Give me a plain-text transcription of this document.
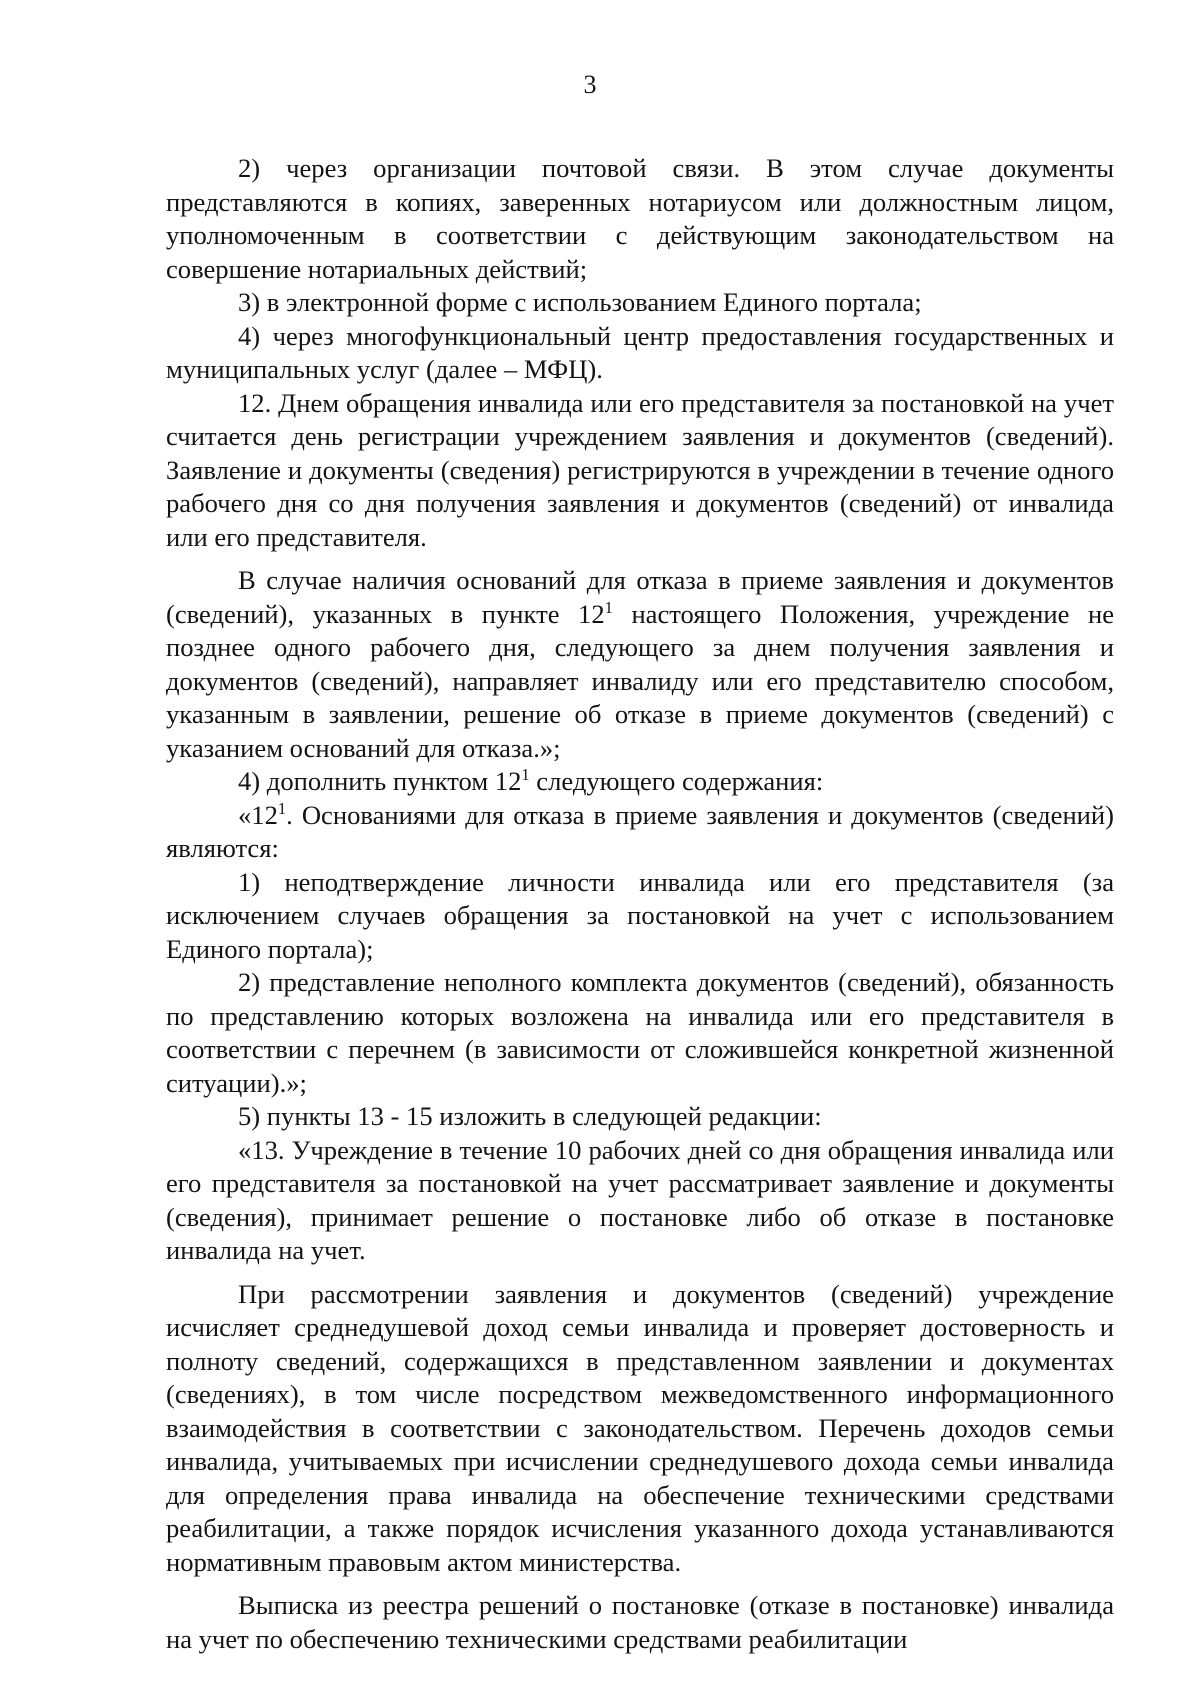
3

2) через организации почтовой связи. В этом случае документы представляются в копиях, заверенных нотариусом или должностным лицом, уполномоченным в соответствии с действующим законодательством на совершение нотариальных действий;

3) в электронной форме с использованием Единого портала;

4) через многофункциональный центр предоставления государственных и муниципальных услуг (далее – МФЦ).

12. Днем обращения инвалида или его представителя за постановкой на учет считается день регистрации учреждением заявления и документов (сведений). Заявление и документы (сведения) регистрируются в учреждении в течение одного рабочего дня со дня получения заявления и документов (сведений) от инвалида или его представителя.

В случае наличия оснований для отказа в приеме заявления и документов (сведений), указанных в пункте $12^1$ настоящего Положения, учреждение не позднее одного рабочего дня, следующего за днем получения заявления и документов (сведений), направляет инвалиду или его представителю способом, указанным в заявлении, решение об отказе в приеме документов (сведений) с указанием оснований для отказа.»;

4) дополнить пунктом $12^1$ следующего содержания:

«$12^1$. Основаниями для отказа в приеме заявления и документов (сведений) являются:

1) неподтверждение личности инвалида или его представителя (за исключением случаев обращения за постановкой на учет с использованием Единого портала);

2) представление неполного комплекта документов (сведений), обязанность по представлению которых возложена на инвалида или его представителя в соответствии с перечнем (в зависимости от сложившейся конкретной жизненной ситуации).»;

5) пункты 13 - 15 изложить в следующей редакции:

«13. Учреждение в течение 10 рабочих дней со дня обращения инвалида или его представителя за постановкой на учет рассматривает заявление и документы (сведения), принимает решение о постановке либо об отказе в постановке инвалида на учет.

При рассмотрении заявления и документов (сведений) учреждение исчисляет среднедушевой доход семьи инвалида и проверяет достоверность и полноту сведений, содержащихся в представленном заявлении и документах (сведениях), в том числе посредством межведомственного информационного взаимодействия в соответствии с законодательством. Перечень доходов семьи инвалида, учитываемых при исчислении среднедушевого дохода семьи инвалида для определения права инвалида на обеспечение техническими средствами реабилитации, а также порядок исчисления указанного дохода устанавливаются нормативным правовым актом министерства.

Выписка из реестра решений о постановке (отказе в постановке) инвалида на учет по обеспечению техническими средствами реабилитации
